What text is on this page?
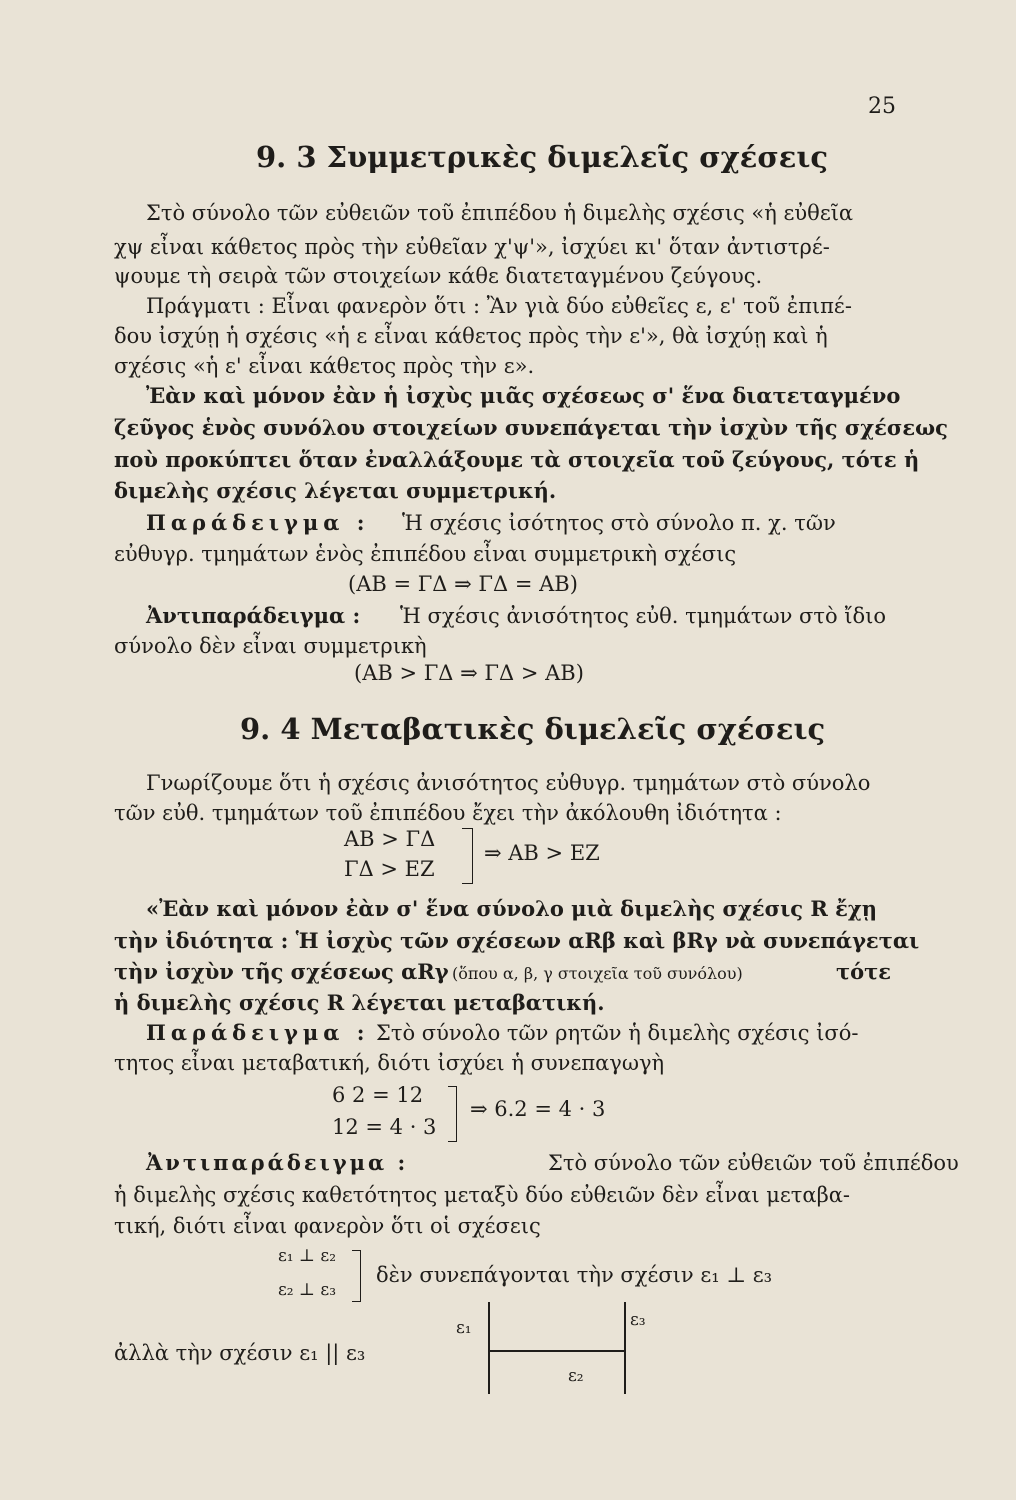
25
9. 3 Συμμετρικὲς διμελεῖς σχέσεις
Στὸ σύνολο τῶν εὐθειῶν τοῦ ἐπιπέδου ἡ διμελὴς σχέσις «ἡ εὐθεῖα
χψ εἶναι κάθετος πρὸς τὴν εὐθεῖαν χ'ψ'», ἰσχύει κι' ὅταν ἀντιστρέ-
ψουμε τὴ σειρὰ τῶν στοιχείων κάθε διατεταγμένου ζεύγους.
Πράγματι : Εἶναι φανερὸν ὅτι : Ἂν γιὰ δύο εὐθεῖες ε, ε' τοῦ ἐπιπέ-
δου ἰσχύῃ ἡ σχέσις «ἡ ε εἶναι κάθετος πρὸς τὴν ε'», θὰ ἰσχύῃ καὶ ἡ
σχέσις «ἡ ε' εἶναι κάθετος πρὸς τὴν ε».
Ἐὰν καὶ μόνον ἐὰν ἡ ἰσχὺς μιᾶς σχέσεως σ' ἕνα διατεταγμένο
ζεῦγος ἑνὸς συνόλου στοιχείων συνεπάγεται τὴν ἰσχὺν τῆς σχέσεως
ποὺ προκύπτει ὅταν ἐναλλάξουμε τὰ στοιχεῖα τοῦ ζεύγους, τότε ἡ
διμελὴς σχέσις λέγεται συμμετρική.
Παράδειγμα : Ἡ σχέσις ἰσότητος στὸ σύνολο π. χ. τῶν
εὐθυγρ. τμημάτων ἑνὸς ἐπιπέδου εἶναι συμμετρικὴ σχέσις
(ΑΒ = ΓΔ ⇒ ΓΔ = ΑΒ)
Ἀντιπαράδειγμα : Ἡ σχέσις ἀνισότητος εὐθ. τμημάτων στὸ ἴδιο
σύνολο δὲν εἶναι συμμετρικὴ
(ΑΒ > ΓΔ ⇒ ΓΔ > ΑΒ)
9. 4 Μεταβατικὲς διμελεῖς σχέσεις
Γνωρίζουμε ὅτι ἡ σχέσις ἀνισότητος εὐθυγρ. τμημάτων στὸ σύνολο
τῶν εὐθ. τμημάτων τοῦ ἐπιπέδου ἔχει τὴν ἀκόλουθη ἰδιότητα :
ΑΒ > ΓΔ
ΓΔ > ΕΖ
⇒ ΑΒ > ΕΖ
«Ἐὰν καὶ μόνον ἐὰν σ' ἕνα σύνολο μιὰ διμελὴς σχέσις R ἔχῃ
τὴν ἰδιότητα : Ἡ ἰσχὺς τῶν σχέσεων αRβ καὶ βRγ νὰ συνεπάγεται
τὴν ἰσχὺν τῆς σχέσεως αRγ (ὅπου α, β, γ στοιχεῖα τοῦ συνόλου)	τότε
ἡ διμελὴς σχέσις R λέγεται μεταβατική.
Παράδειγμα : Στὸ σύνολο τῶν ρητῶν ἡ διμελὴς σχέσις ἰσό-
τητος εἶναι μεταβατική, διότι ἰσχύει ἡ συνεπαγωγὴ
6 2 = 12
12 = 4 · 3
⇒ 6.2 = 4 · 3
Ἀντιπαράδειγμα :	Στὸ σύνολο τῶν εὐθειῶν τοῦ ἐπιπέδου
ἡ διμελὴς σχέσις καθετότητος μεταξὺ δύο εὐθειῶν δὲν εἶναι μεταβα-
τική, διότι εἶναι φανερὸν ὅτι οἱ σχέσεις
ε₁ ⊥ ε₂
ε₂ ⊥ ε₃
δὲν συνεπάγονται τὴν σχέσιν ε₁ ⊥ ε₃
ἀλλὰ τὴν σχέσιν ε₁ || ε₃
ε₁	ε₃
ε₂
